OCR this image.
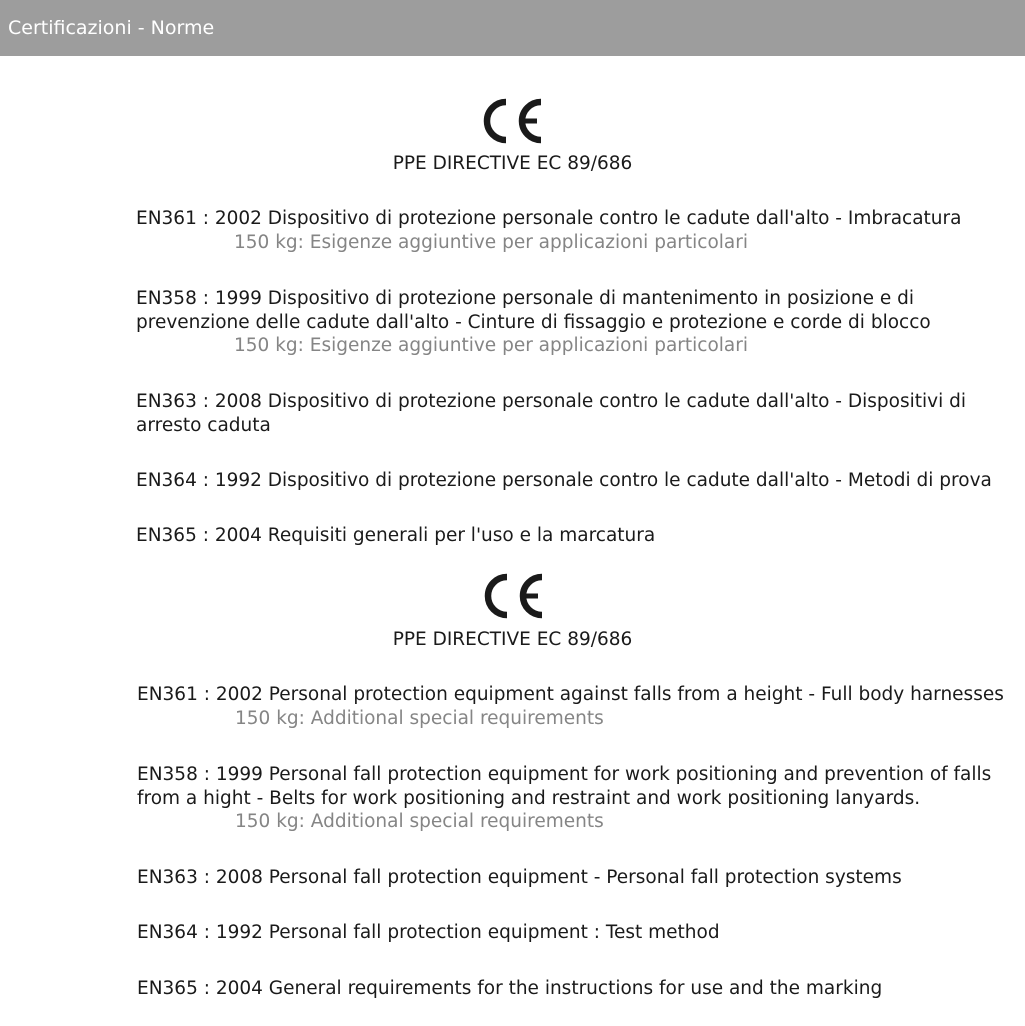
Certificazioni - Norme
PPE DIRECTIVE EC 89/686
EN361 : 2002 Dispositivo di protezione personale contro le cadute dall'alto - Imbracatura
150 kg: Esigenze aggiuntive per applicazioni particolari
EN358 : 1999 Dispositivo di protezione personale di mantenimento in posizione e di prevenzione delle cadute dall'alto - Cinture di fissaggio e protezione e corde di blocco
150 kg: Esigenze aggiuntive per applicazioni particolari
EN363 : 2008 Dispositivo di protezione personale contro le cadute dall'alto - Dispositivi di arresto caduta
EN364 : 1992 Dispositivo di protezione personale contro le cadute dall'alto - Metodi di prova
EN365 : 2004 Requisiti generali per l'uso e la marcatura
PPE DIRECTIVE EC 89/686
EN361 : 2002 Personal protection equipment against falls from a height - Full body harnesses
150 kg: Additional special requirements
EN358 : 1999 Personal fall protection equipment for work positioning and prevention of falls from a hight - Belts for work positioning and restraint and work positioning lanyards.
150 kg: Additional special requirements
EN363 : 2008 Personal fall protection equipment - Personal fall protection systems
EN364 : 1992 Personal fall protection equipment : Test method
EN365 : 2004 General requirements for the instructions for use and the marking
